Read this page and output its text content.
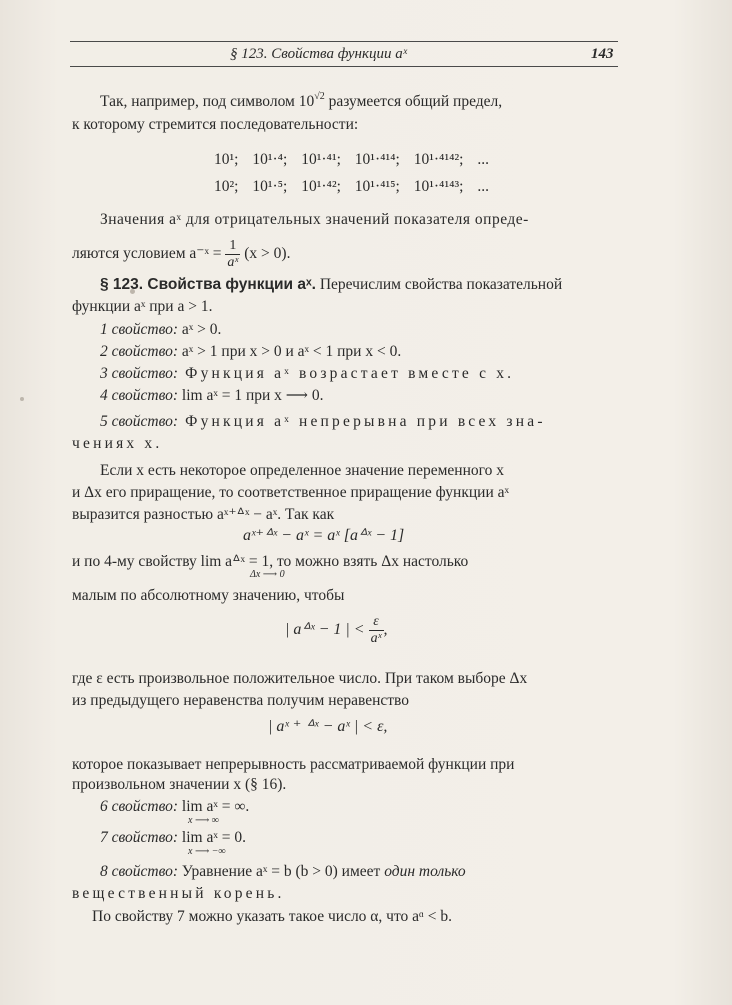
§ 123. Свойства функции aˣ	143
Так, например, под символом $10^{√2}$ разумеется общий предел,
к которому стремится последовательности:
10¹; 10¹·⁴; 10¹·⁴¹; 10¹·⁴¹⁴; 10¹·⁴¹⁴²; ...
10²; 10¹·⁵; 10¹·⁴²; 10¹·⁴¹⁵; 10¹·⁴¹⁴³; ...
Значения aˣ для отрицательных значений показателя опреде-
ляются условием a⁻ˣ = $\frac{1}{\text{aˣ}} (x > 0)$.
§ 123. Свойства функции aˣ. Перечислим свойства показательной
функции aˣ при a > 1.
1 свойство: aˣ > 0.
2 свойство: aˣ > 1 при x > 0 и aˣ < 1 при x < 0.
3 свойство: Функция aˣ возрастает вместе с x.
4 свойство: lim aˣ = 1 при x ⟶ 0.
5 свойство: Функция aˣ непрерывна при всех зна-
чениях x.
Если x есть некоторое определенное значение переменного x
и Δx его приращение, то соответственное приращение функции aˣ
выразится разностью aˣ⁺ᐞˣ − aˣ. Так как
aˣ⁺ᐞˣ − aˣ = aˣ [aᐞˣ − 1]
и по 4-му свойству lim aᐞˣ = 1, то можно взять Δx настолько
Δx ⟶ 0
малым по абсолютному значению, чтобы
| aᐞˣ − 1 | < $\frac{\varepsilon}{\text{aˣ}}$ ,
где ε есть произвольное положительное число. При таком выборе Δx
из предыдущего неравенства получим неравенство
| aˣ ⁺ ᐞˣ − aˣ | < ε,
которое показывает непрерывность рассматриваемой функции при
произвольном значении x (§ 16).
6 свойство: lim aˣ = ∞.
x ⟶ ∞
7 свойство: lim aˣ = 0.
x ⟶ −∞
8 свойство: Уравнение aˣ = b (b > 0) имеет один только
вещественный корень.
По свойству 7 можно указать такое число α, что aᵅ < b.
